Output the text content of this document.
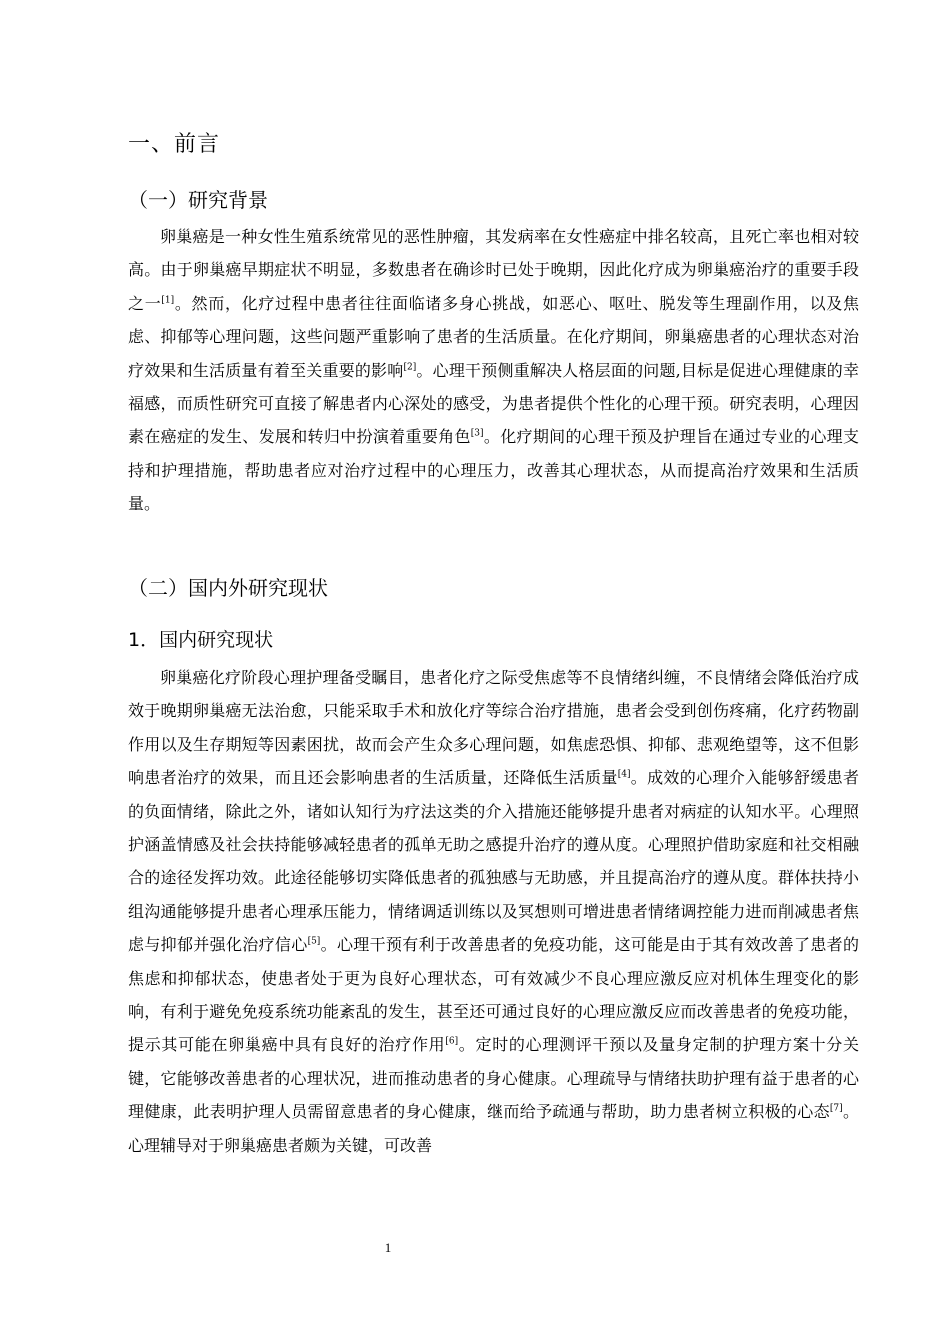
一、前言
（一）研究背景

卵巢癌是一种女性生殖系统常见的恶性肿瘤，其发病率在女性癌症中排名较高，且死亡率也相对较高。由于卵巢癌早期症状不明显，多数患者在确诊时已处于晚期，因此化疗成为卵巢癌治疗的重要手段之一[1]。然而，化疗过程中患者往往面临诸多身心挑战，如恶心、呕吐、脱发等生理副作用，以及焦虑、抑郁等心理问题，这些问题严重影响了患者的生活质量。在化疗期间，卵巢癌患者的心理状态对治疗效果和生活质量有着至关重要的影响[2]。心理干预侧重解决人格层面的问题,目标是促进心理健康的幸福感，而质性研究可直接了解患者内心深处的感受，为患者提供个性化的心理干预。研究表明，心理因素在癌症的发生、发展和转归中扮演着重要角色[3]。化疗期间的心理干预及护理旨在通过专业的心理支持和护理措施，帮助患者应对治疗过程中的心理压力，改善其心理状态，从而提高治疗效果和生活质量。

（二）国内外研究现状
1．国内研究现状

卵巢癌化疗阶段心理护理备受瞩目，患者化疗之际受焦虑等不良情绪纠缠，不良情绪会降低治疗成效于晚期卵巢癌无法治愈，只能采取手术和放化疗等综合治疗措施，患者会受到创伤疼痛，化疗药物副作用以及生存期短等因素困扰，故而会产生众多心理问题，如焦虑恐惧、抑郁、悲观绝望等，这不但影响患者治疗的效果，而且还会影响患者的生活质量，还降低生活质量[4]。成效的心理介入能够舒缓患者的负面情绪，除此之外，诸如认知行为疗法这类的介入措施还能够提升患者对病症的认知水平。心理照护涵盖情感及社会扶持能够减轻患者的孤单无助之感提升治疗的遵从度。心理照护借助家庭和社交相融合的途径发挥功效。此途径能够切实降低患者的孤独感与无助感，并且提高治疗的遵从度。群体扶持小组沟通能够提升患者心理承压能力，情绪调适训练以及冥想则可增进患者情绪调控能力进而削减患者焦虑与抑郁并强化治疗信心[5]。心理干预有利于改善患者的免疫功能，这可能是由于其有效改善了患者的焦虑和抑郁状态，使患者处于更为良好心理状态，可有效减少不良心理应激反应对机体生理变化的影响，有利于避免免疫系统功能紊乱的发生，甚至还可通过良好的心理应激反应而改善患者的免疫功能，提示其可能在卵巢癌中具有良好的治疗作用[6]。定时的心理测评干预以及量身定制的护理方案十分关键，它能够改善患者的心理状况，进而推动患者的身心健康。心理疏导与情绪扶助护理有益于患者的心理健康，此表明护理人员需留意患者的身心健康，继而给予疏通与帮助，助力患者树立积极的心态[7]。心理辅导对于卵巢癌患者颇为关键，可改善

1
